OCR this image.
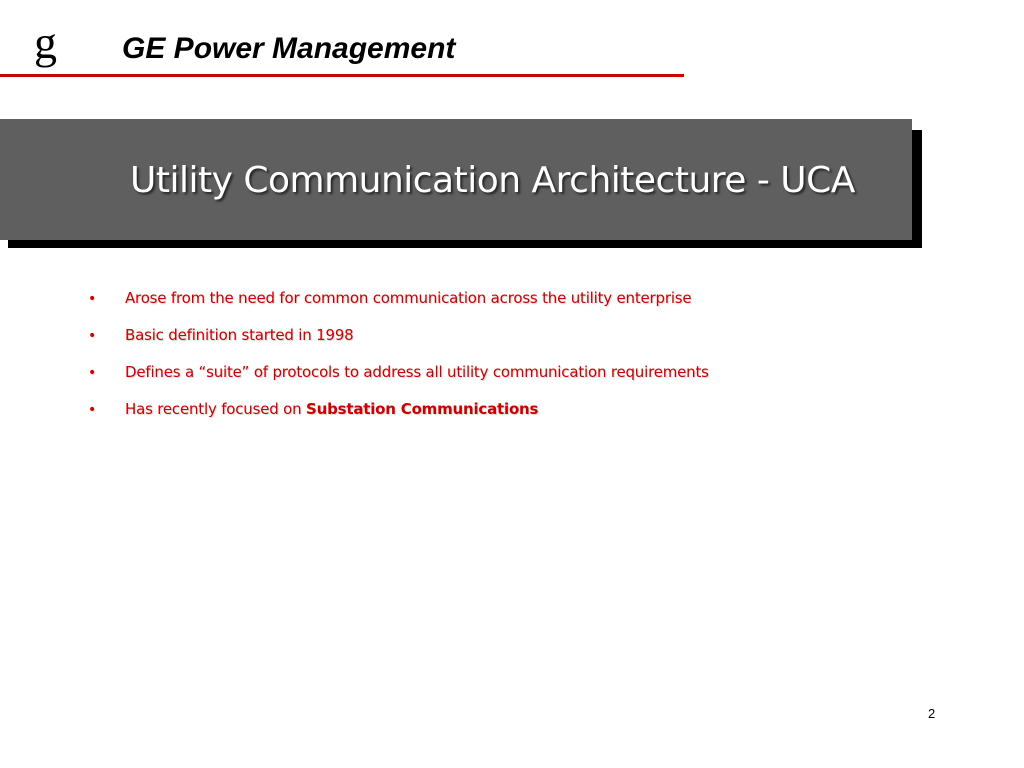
g GE Power Management
Utility Communication Architecture - UCA
•	Arose from the need for common communication across the utility enterprise
•	Basic definition started in 1998
•	Defines a “suite” of protocols to address all utility communication requirements
•	Has recently focused on Substation Communications
2
